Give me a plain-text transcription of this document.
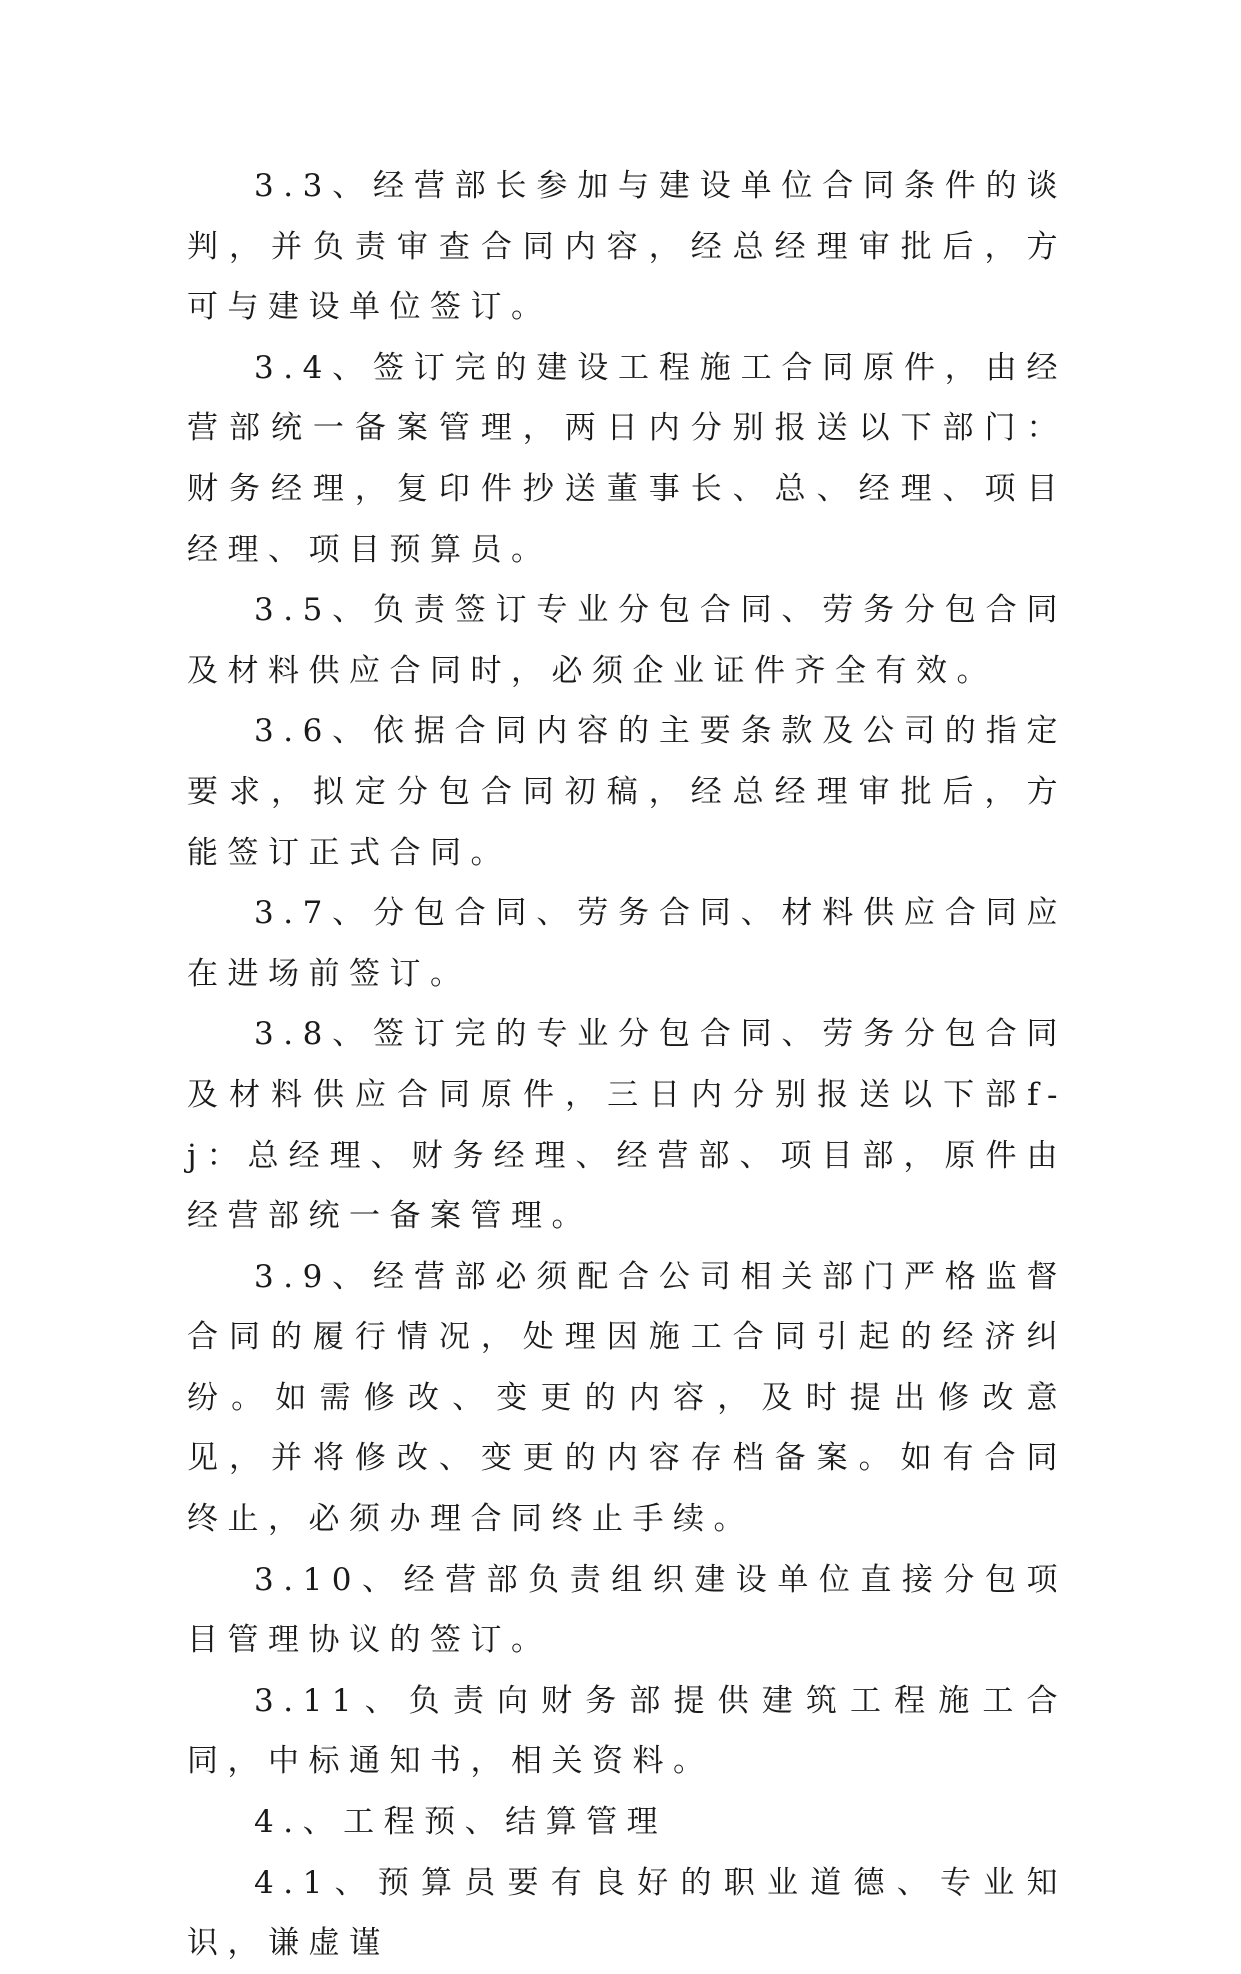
3.3、经营部长参加与建设单位合同条件的谈判，并负责审查合同内容，经总经理审批后，方可与建设单位签订。

3.4、签订完的建设工程施工合同原件，由经营部统一备案管理，两日内分别报送以下部门：财务经理，复印件抄送董事长、总、经理、项目经理、项目预算员。

3.5、负责签订专业分包合同、劳务分包合同及材料供应合同时，必须企业证件齐全有效。

3.6、依据合同内容的主要条款及公司的指定要求，拟定分包合同初稿，经总经理审批后，方能签订正式合同。

3.7、分包合同、劳务合同、材料供应合同应在进场前签订。

3.8、签订完的专业分包合同、劳务分包合同及材料供应合同原件，三日内分别报送以下部f-j：总经理、财务经理、经营部、项目部，原件由经营部统一备案管理。

3.9、经营部必须配合公司相关部门严格监督合同的履行情况，处理因施工合同引起的经济纠纷。如需修改、变更的内容，及时提出修改意见，并将修改、变更的内容存档备案。如有合同终止，必须办理合同终止手续。

3.10、经营部负责组织建设单位直接分包项目管理协议的签订。

3.11、负责向财务部提供建筑工程施工合同，中标通知书，相关资料。

4.、工程预、结算管理

4.1、预算员要有良好的职业道德、专业知识，谦虚谨
